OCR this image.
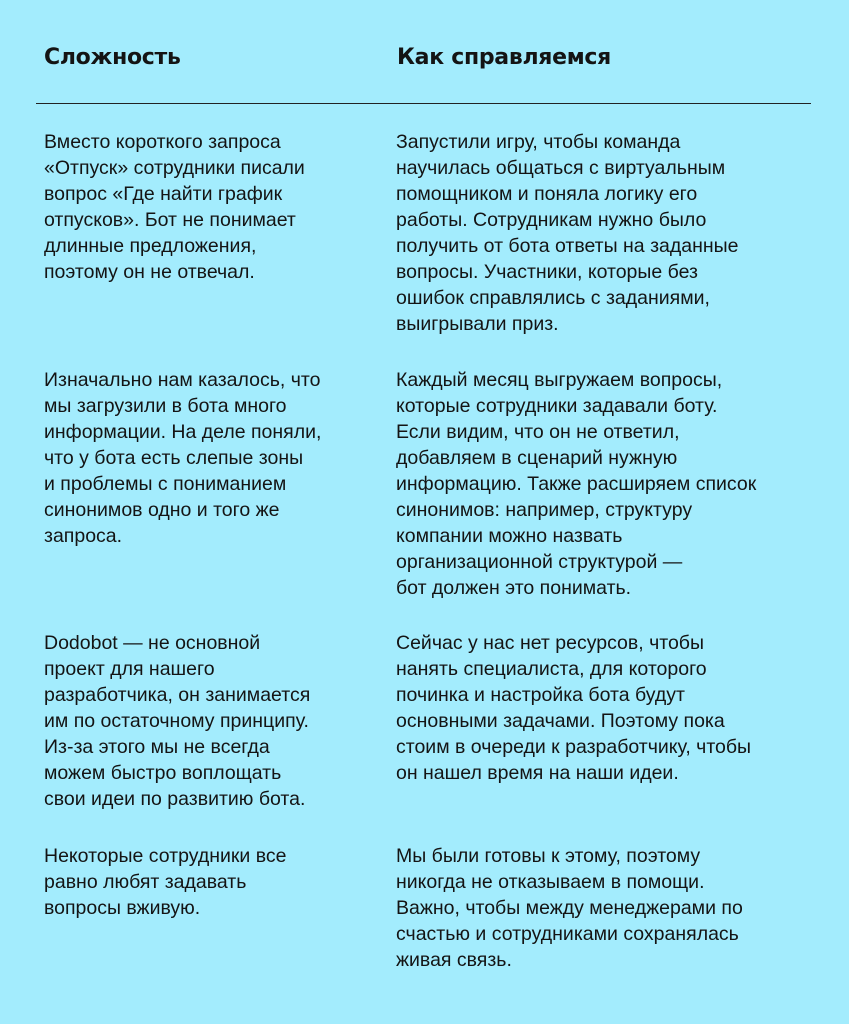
Сложность	Как справляемся

Вместо короткого запроса
«Отпуск» сотрудники писали
вопрос «Где найти график
отпусков». Бот не понимает
длинные предложения,
поэтому он не отвечал.

Запустили игру, чтобы команда
научилась общаться с виртуальным
помощником и поняла логику его
работы. Сотрудникам нужно было
получить от бота ответы на заданные
вопросы. Участники, которые без
ошибок справлялись с заданиями,
выигрывали приз.

Изначально нам казалось, что
мы загрузили в бота много
информации. На деле поняли,
что у бота есть слепые зоны
и проблемы с пониманием
синонимов одно и того же
запроса.

Каждый месяц выгружаем вопросы,
которые сотрудники задавали боту.
Если видим, что он не ответил,
добавляем в сценарий нужную
информацию. Также расширяем список
синонимов: например, структуру
компании можно назвать
организационной структурой —
бот должен это понимать.

Dodobot — не основной
проект для нашего
разработчика, он занимается
им по остаточному принципу.
Из-за этого мы не всегда
можем быстро воплощать
свои идеи по развитию бота.

Сейчас у нас нет ресурсов, чтобы
нанять специалиста, для которого
починка и настройка бота будут
основными задачами. Поэтому пока
стоим в очереди к разработчику, чтобы
он нашел время на наши идеи.

Некоторые сотрудники все
равно любят задавать
вопросы вживую.

Мы были готовы к этому, поэтому
никогда не отказываем в помощи.
Важно, чтобы между менеджерами по
счастью и сотрудниками сохранялась
живая связь.
